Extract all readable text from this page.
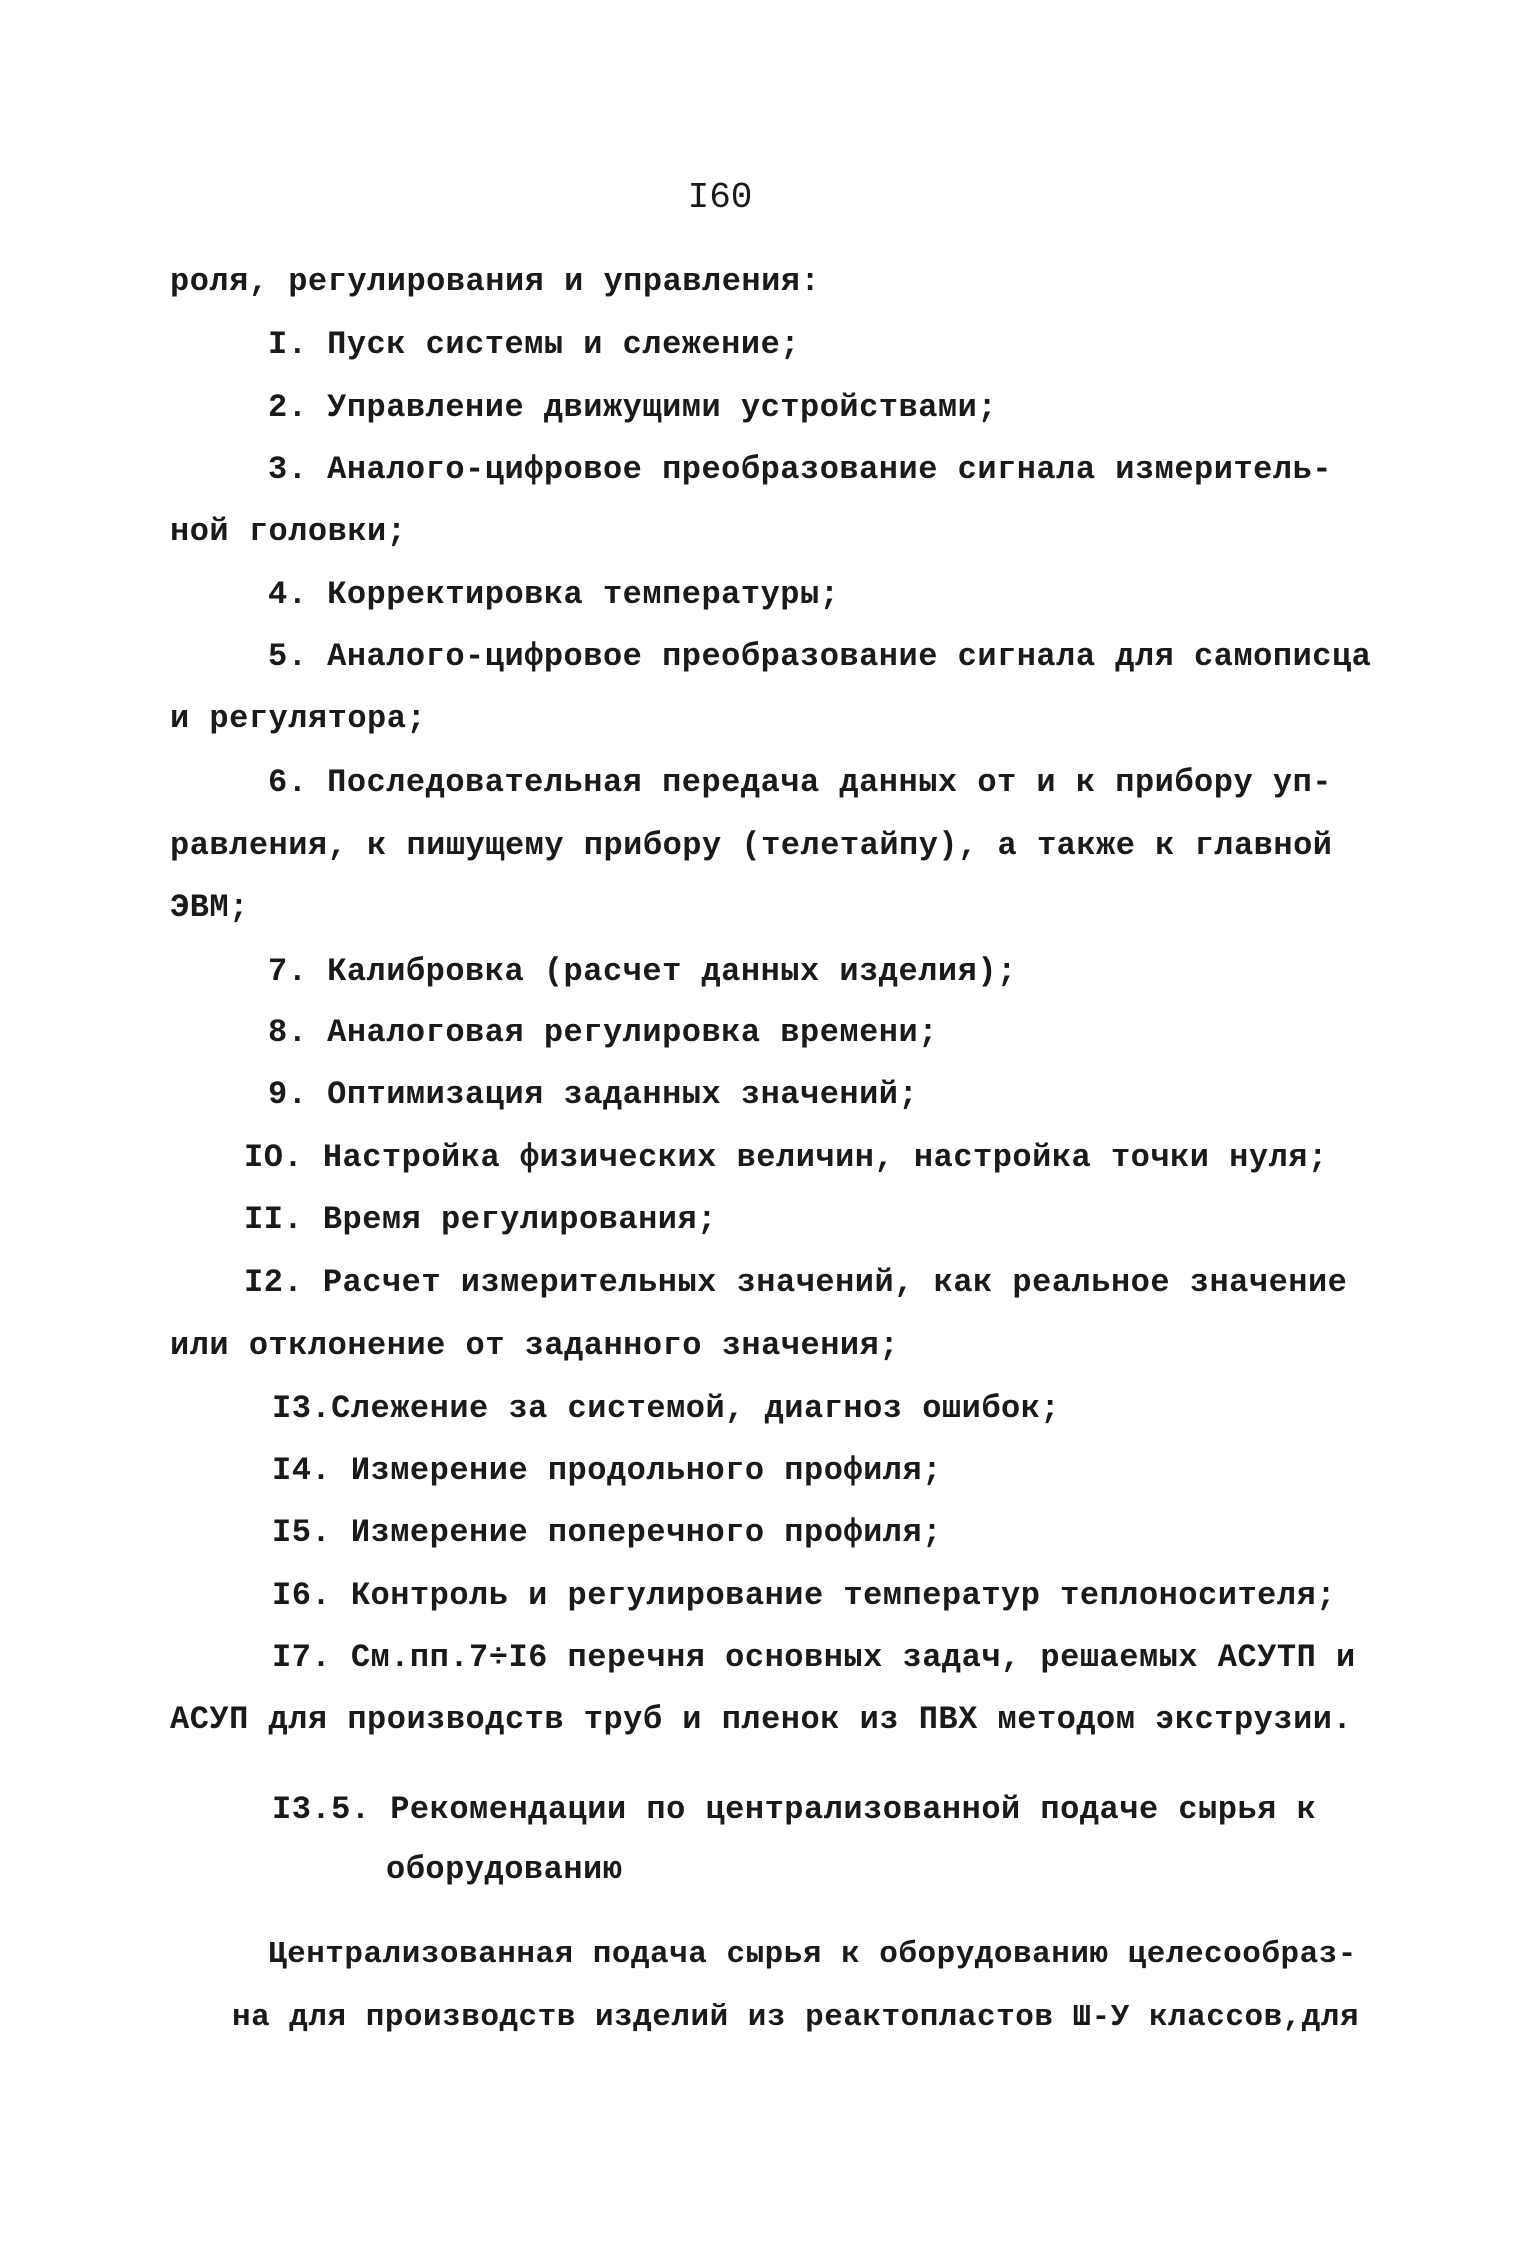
I60
роля, регулирования и управления:
I. Пуск системы и слежение;
2. Управление движущими устройствами;
3. Аналого-цифровое преобразование сигнала измеритель-
ной головки;
4. Корректировка температуры;
5. Аналого-цифровое преобразование сигнала для самописца
и регулятора;
6. Последовательная передача данных от и к прибору уп-
равления, к пишущему прибору (телетайпу), а также к главной
ЭВМ;
7. Калибровка (расчет данных изделия);
8. Аналоговая регулировка времени;
9. Оптимизация заданных значений;
IO. Настройка физических величин, настройка точки нуля;
II. Время регулирования;
I2. Расчет измерительных значений, как реальное значение
или отклонение от заданного значения;
I3.Слежение за системой, диагноз ошибок;
I4. Измерение продольного профиля;
I5. Измерение поперечного профиля;
I6. Контроль и регулирование температур теплоносителя;
I7. См.пп.7÷I6 перечня основных задач, решаемых АСУТП и
АСУП для производств труб и пленок из ПВХ методом экструзии.
I3.5. Рекомендации по централизованной подаче сырья к
оборудованию
Централизованная подача сырья к оборудованию целесообраз-
на для производств изделий из реактопластов Ш-У классов,для
